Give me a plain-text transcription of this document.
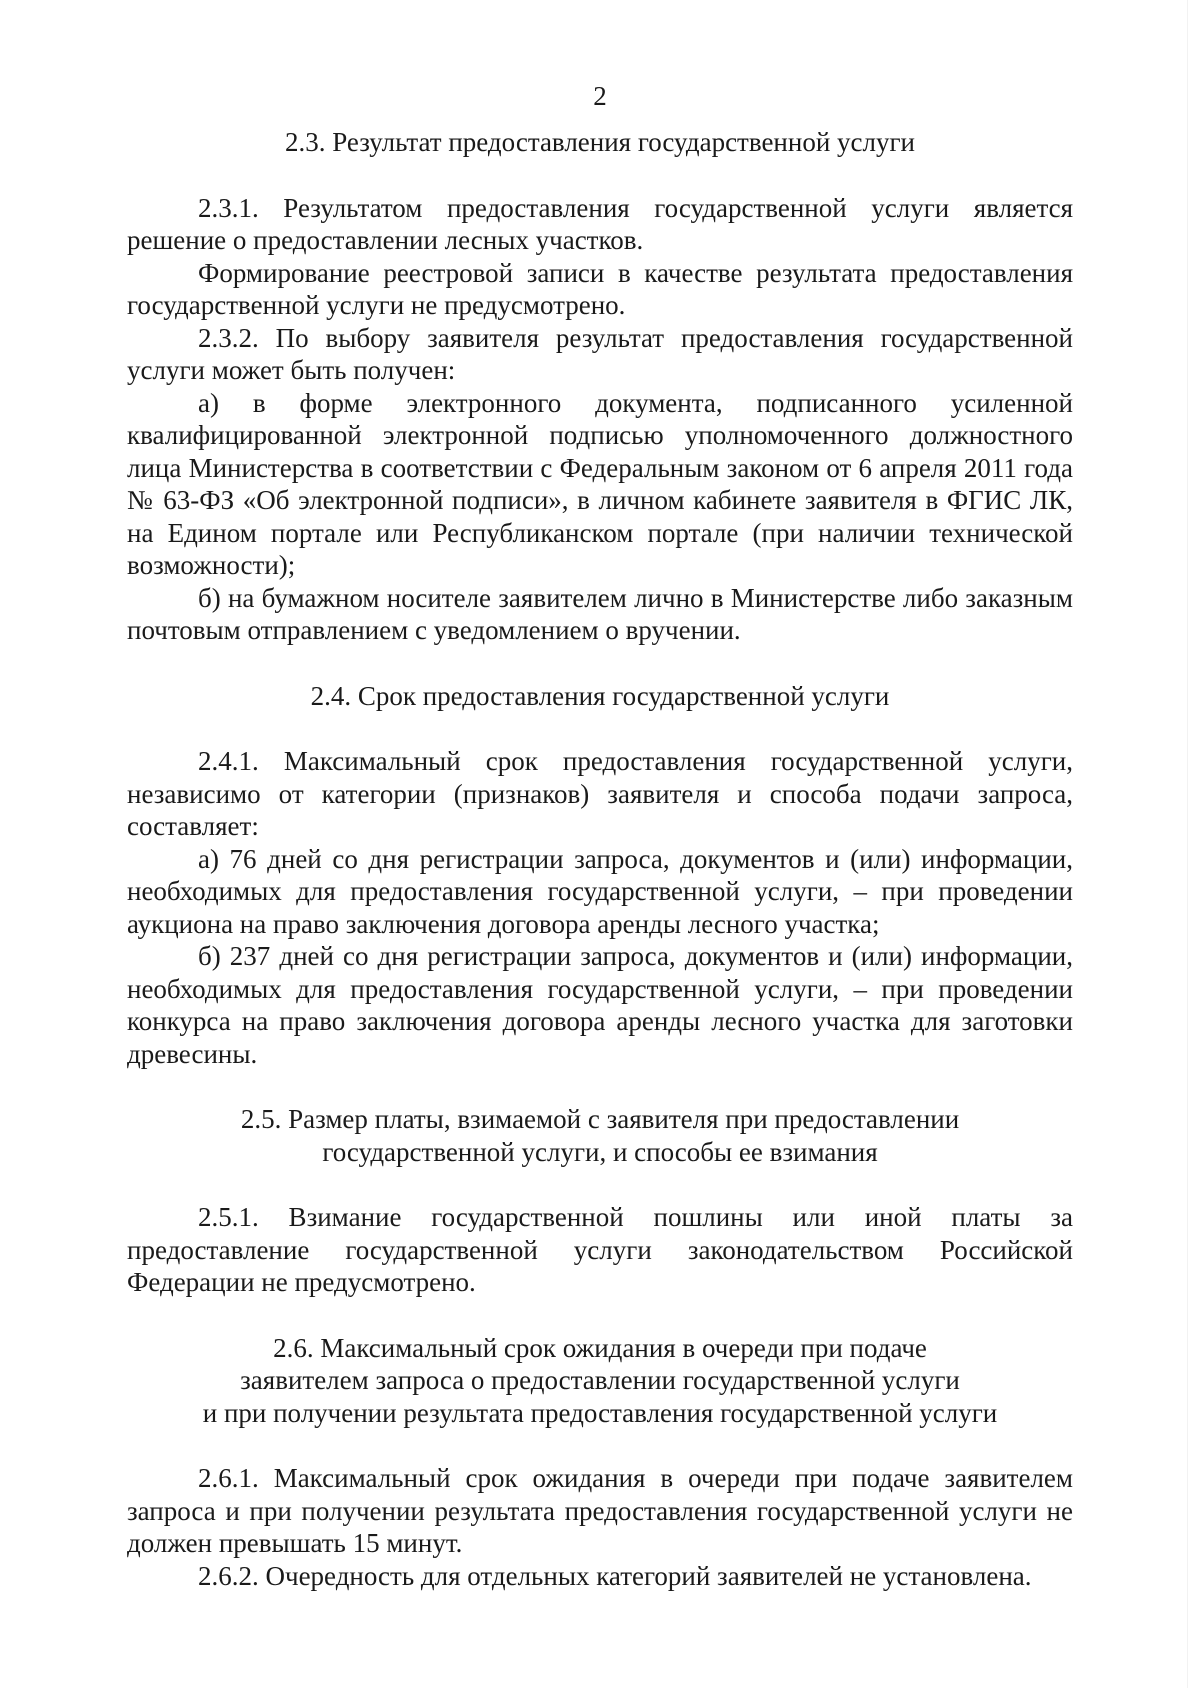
2
2.3. Результат предоставления государственной услуги

2.3.1. Результатом предоставления государственной услуги является решение о предоставлении лесных участков.

Формирование реестровой записи в качестве результата предоставления государственной услуги не предусмотрено.

2.3.2. По выбору заявителя результат предоставления государственной услуги может быть получен:

а) в форме электронного документа, подписанного усиленной квалифицированной электронной подписью уполномоченного должностного лица Министерства в соответствии с Федеральным законом от 6 апреля 2011 года № 63-ФЗ «Об электронной подписи», в личном кабинете заявителя в ФГИС ЛК, на Едином портале или Республиканском портале (при наличии технической возможности);

б) на бумажном носителе заявителем лично в Министерстве либо заказным почтовым отправлением с уведомлением о вручении.

2.4. Срок предоставления государственной услуги

2.4.1. Максимальный срок предоставления государственной услуги, независимо от категории (признаков) заявителя и способа подачи запроса, составляет:

а) 76 дней со дня регистрации запроса, документов и (или) информации, необходимых для предоставления государственной услуги, – при проведении аукциона на право заключения договора аренды лесного участка;

б) 237 дней со дня регистрации запроса, документов и (или) информации, необходимых для предоставления государственной услуги, – при проведении конкурса на право заключения договора аренды лесного участка для заготовки древесины.

2.5. Размер платы, взимаемой с заявителя при предоставлении
государственной услуги, и способы ее взимания

2.5.1. Взимание государственной пошлины или иной платы за предоставление государственной услуги законодательством Российской Федерации не предусмотрено.

2.6. Максимальный срок ожидания в очереди при подаче
заявителем запроса о предоставлении государственной услуги
и при получении результата предоставления государственной услуги

2.6.1. Максимальный срок ожидания в очереди при подаче заявителем запроса и при получении результата предоставления государственной услуги не должен превышать 15 минут.

2.6.2. Очередность для отдельных категорий заявителей не установлена.
